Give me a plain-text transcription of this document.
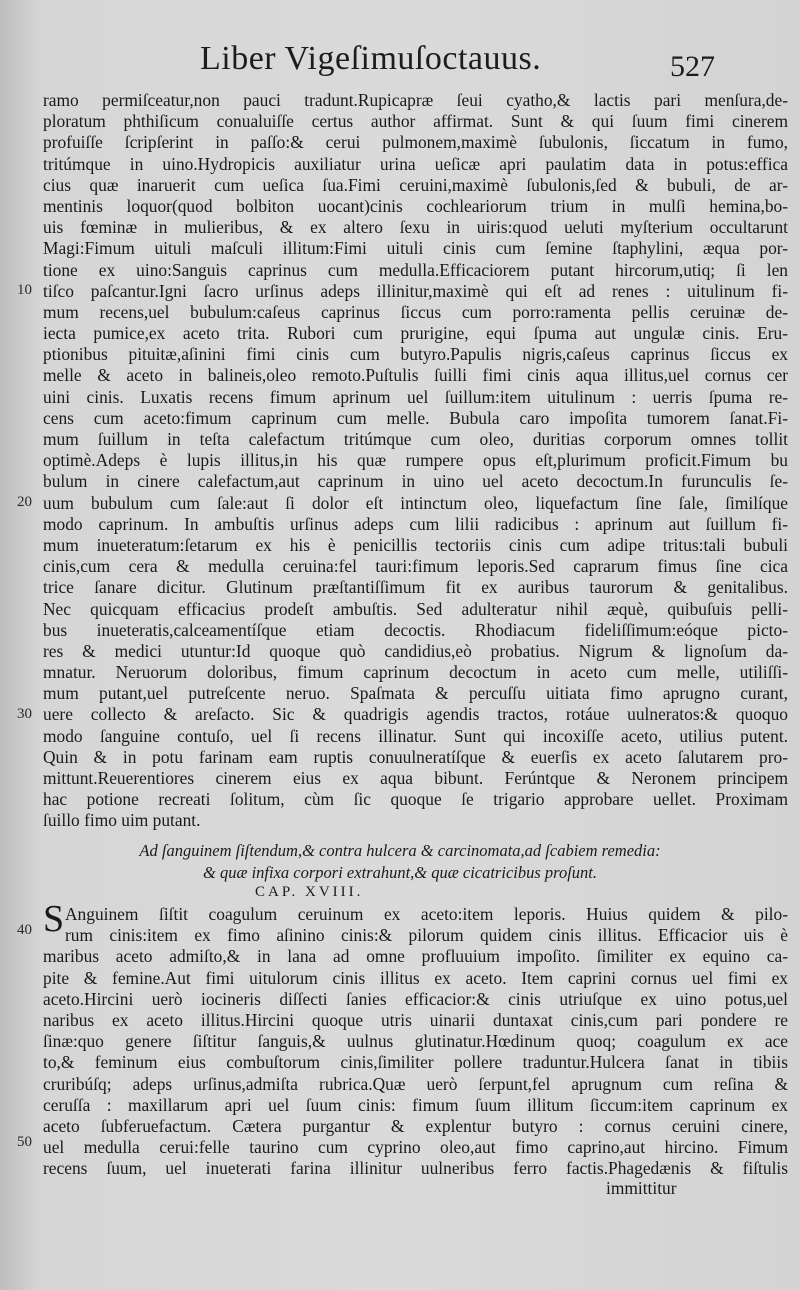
Liber Vigeſimuſoctauus.	527
10
20
30
40
50
ramo permiſceatur,non pauci tradunt.Rupicapræ ſeui cyatho,& lactis pari menſura,de-
ploratum phthiſicum conualuiſſe certus author affirmat. Sunt & qui ſuum fimi cinerem
profuiſſe ſcripſerint in paſſo:& cerui pulmonem,maximè ſubulonis, ſiccatum in fumo,
tritúmque in uino.Hydropicis auxiliatur urina ueſicæ apri paulatim data in potus:effica
cius quæ inaruerit cum ueſica ſua.Fimi ceruini,maximè ſubulonis,ſed & bubuli, de ar-
mentinis loquor(quod bolbiton uocant)cinis cochleariorum trium in mulſi hemina,bo-
uis fœminæ in mulieribus, & ex altero ſexu in uiris:quod ueluti myſterium occultarunt
Magi:Fimum uituli maſculi illitum:Fimi uituli cinis cum ſemine ſtaphylini, æqua por-
tione ex uino:Sanguis caprinus cum medulla.Efficaciorem putant hircorum,utiq; ſi len
tiſco paſcantur.Igni ſacro urſinus adeps illinitur,maximè qui eſt ad renes : uitulinum fi-
mum recens,uel bubulum:caſeus caprinus ſiccus cum porro:ramenta pellis ceruinæ de-
iecta pumice,ex aceto trita. Rubori cum prurigine, equi ſpuma aut ungulæ cinis. Eru-
ptionibus pituitæ,aſinini fimi cinis cum butyro.Papulis nigris,caſeus caprinus ſiccus ex
melle & aceto in balineis,oleo remoto.Puſtulis ſuilli fimi cinis aqua illitus,uel cornus cer
uini cinis. Luxatis recens fimum aprinum uel ſuillum:item uitulinum : uerris ſpuma re-
cens cum aceto:fimum caprinum cum melle. Bubula caro impoſita tumorem ſanat.Fi-
mum ſuillum in teſta calefactum tritúmque cum oleo, duritias corporum omnes tollit
optimè.Adeps è lupis illitus,in his quæ rumpere opus eſt,plurimum proficit.Fimum bu
bulum in cinere calefactum,aut caprinum in uino uel aceto decoctum.In furunculis ſe-
uum bubulum cum ſale:aut ſi dolor eſt intinctum oleo, liquefactum ſine ſale, ſimilíque
modo caprinum. In ambuſtis urſinus adeps cum lilii radicibus : aprinum aut ſuillum fi-
mum inueteratum:ſetarum ex his è penicillis tectoriis cinis cum adipe tritus:tali bubuli
cinis,cum cera & medulla ceruina:fel tauri:fimum leporis.Sed caprarum fimus ſine cica
trice ſanare dicitur. Glutinum præſtantiſſimum fit ex auribus taurorum & genitalibus.
Nec quicquam efficacius prodeſt ambuſtis. Sed adulteratur nihil æquè, quibuſuis pelli-
bus inueteratis,calceamentíſque etiam decoctis. Rhodiacum fideliſſimum:eóque picto-
res & medici utuntur:Id quoque quò candidius,eò probatius. Nigrum & lignoſum da-
mnatur. Neruorum doloribus, fimum caprinum decoctum in aceto cum melle, utiliſſi-
mum putant,uel putreſcente neruo. Spaſmata & percuſſu uitiata fimo aprugno curant,
uere collecto & areſacto. Sic & quadrigis agendis tractos, rotáue uulneratos:& quoquo
modo ſanguine contuſo, uel ſi recens illinatur. Sunt qui incoxiſſe aceto, utilius putent.
Quin & in potu farinam eam ruptis conuulneratíſque & euerſis ex aceto ſalutarem pro-
mittunt.Reuerentiores cinerem eius ex aqua bibunt. Ferúntque & Neronem principem
hac potione recreati ſolitum, cùm ſic quoque ſe trigario approbare uellet. Proximam
ſuillo fimo uim putant.
Ad ſanguinem ſiſtendum,& contra hulcera & carcinomata,ad ſcabiem remedia:
& quæ infixa corpori extrahunt,& quæ cicatricibus proſunt.
CAP. XVIII.
S Anguinem ſiſtit coagulum ceruinum ex aceto:item leporis. Huius quidem & pilo-
rum cinis:item ex fimo aſinino cinis:& pilorum quidem cinis illitus. Efficacior uis è
maribus aceto admiſto,& in lana ad omne profluuium impoſito. ſimiliter ex equino ca-
pite & femine.Aut fimi uitulorum cinis illitus ex aceto. Item caprini cornus uel fimi ex
aceto.Hircini uerò iocineris diſſecti ſanies efficacior:& cinis utriuſque ex uino potus,uel
naribus ex aceto illitus.Hircini quoque utris uinarii duntaxat cinis,cum pari pondere re
ſinæ:quo genere ſiſtitur ſanguis,& uulnus glutinatur.Hœdinum quoq; coagulum ex ace
to,& feminum eius combuſtorum cinis,ſimiliter pollere traduntur.Hulcera ſanat in tibiis
cruribúſq; adeps urſinus,admiſta rubrica.Quæ uerò ſerpunt,fel aprugnum cum reſina &
ceruſſa : maxillarum apri uel ſuum cinis: fimum ſuum illitum ſiccum:item caprinum ex
aceto ſubferuefactum. Cætera purgantur & explentur butyro : cornus ceruini cinere,
uel medulla cerui:felle taurino cum cyprino oleo,aut fimo caprino,aut hircino. Fimum
recens ſuum, uel inueterati farina illinitur uulneribus ferro factis.Phagedænis & fiſtulis
immittitur
